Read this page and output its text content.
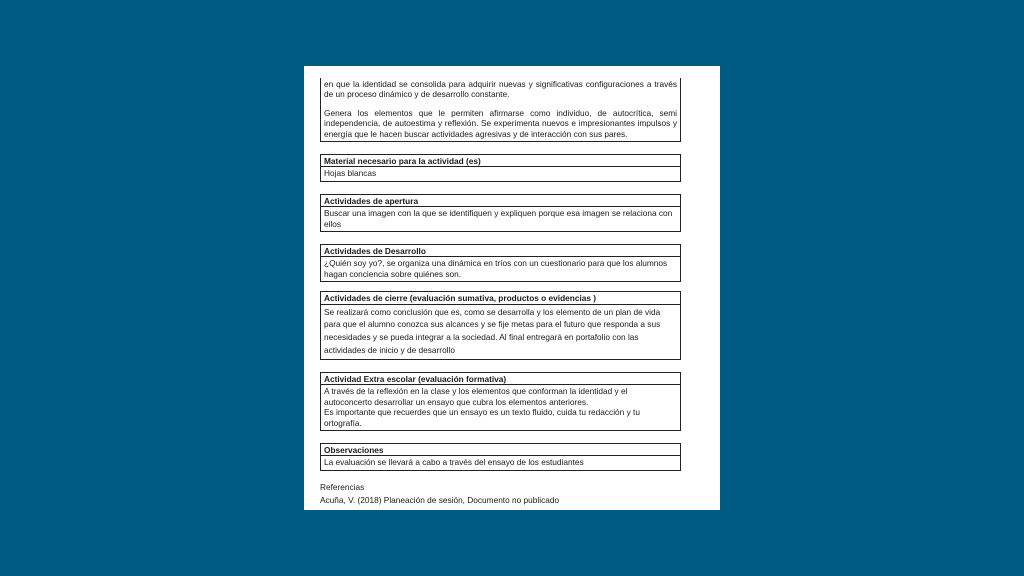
en que la identidad se consolida para adquirir nuevas y significativas configuraciones a través de un proceso dinámico y de desarrollo constante.

Genera los elementos que le permiten afirmarse como individuo, de autocrítica, semi independencia, de autoestima y reflexión. Se experimenta nuevos e impresionantes impulsos y energía que le hacen buscar actividades agresivas y de interacción con sus pares.

Material necesario para la actividad (es)
Hojas blancas
Actividades de apertura
Buscar una imagen con la que se identifiquen y expliquen porque esa imagen se relaciona con ellos
Actividades de Desarrollo
¿Quién soy yo?, se organiza una dinámica en tríos con un cuestionario para que los alumnos hagan conciencia sobre quiénes son.
Actividades de cierre (evaluación sumativa, productos o evidencias )
Se realizará como conclusión que es, como se desarrolla y los elemento de un plan de vida para que el alumno conozca sus alcances y se fije metas para el futuro que responda a sus necesidades y se pueda integrar a la sociedad. Al final entregará en portafolio con las actividades de inicio y de desarrollo
Actividad Extra escolar (evaluación formativa)

A través de la reflexión en la clase y los elementos que conforman la identidad y el autoconcerto desarrollar un ensayo que cubra los elementos anteriores.

Es importante que recuerdes que un ensayo es un texto fluido, cuida tu redacción y tu ortografía.

Observaciones
La evaluación se llevará a cabo a través del ensayo de los estudiantes
Referencias
Acuña, V. (2018) Planeación de sesión, Documento no publicado
